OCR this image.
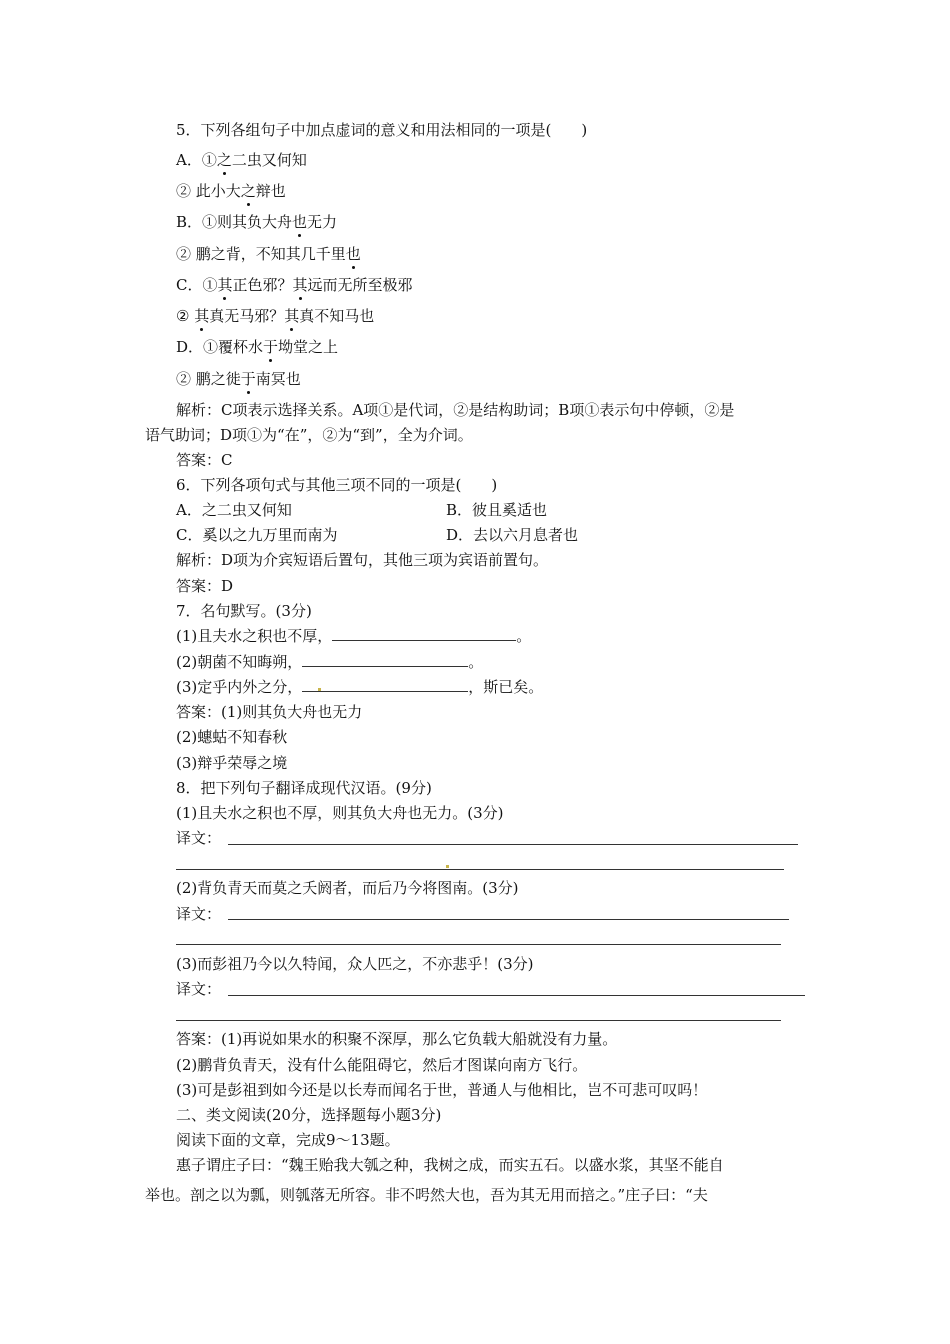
5．下列各组句子中加点虚词的意义和用法相同的一项是(　　)
A．①之二虫又何知
② 此小大之辩也
B．①则其负大舟也无力
② 鹏之背，不知其几千里也
C．①其正色邪？其远而无所至极邪
② 其真无马邪？其真不知马也
D．①覆杯水于坳堂之上
② 鹏之徙于南冥也
解析：C项表示选择关系。A项①是代词，②是结构助词；B项①表示句中停顿，②是
语气助词；D项①为“在”，②为“到”，全为介词。
答案：C
6．下列各项句式与其他三项不同的一项是(　　)
A．之二虫又何知	B．彼且奚适也
C．奚以之九万里而南为	D．去以六月息者也
解析：D项为介宾短语后置句，其他三项为宾语前置句。
答案：D
7．名句默写。(3分)
(1)且夫水之积也不厚，	。
(2)朝菌不知晦朔，	。
(3)定乎内外之分，	，斯已矣。
答案：(1)则其负大舟也无力
(2)蟪蛄不知春秋
(3)辩乎荣辱之境
8．把下列句子翻译成现代汉语。(9分)
(1)且夫水之积也不厚，则其负大舟也无力。(3分)
译文：
(2)背负青天而莫之夭阏者，而后乃今将图南。(3分)
译文：
(3)而彭祖乃今以久特闻，众人匹之，不亦悲乎！(3分)
译文：
答案：(1)再说如果水的积聚不深厚，那么它负载大船就没有力量。
(2)鹏背负青天，没有什么能阻碍它，然后才图谋向南方飞行。
(3)可是彭祖到如今还是以长寿而闻名于世，普通人与他相比，岂不可悲可叹吗！
二、类文阅读(20分，选择题每小题3分)
阅读下面的文章，完成9～13题。
惠子谓庄子曰：“魏王贻我大瓠之种，我树之成，而实五石。以盛水浆，其坚不能自
举也。剖之以为瓢，则瓠落无所容。非不呺然大也，吾为其无用而掊之。”庄子曰：“夫
